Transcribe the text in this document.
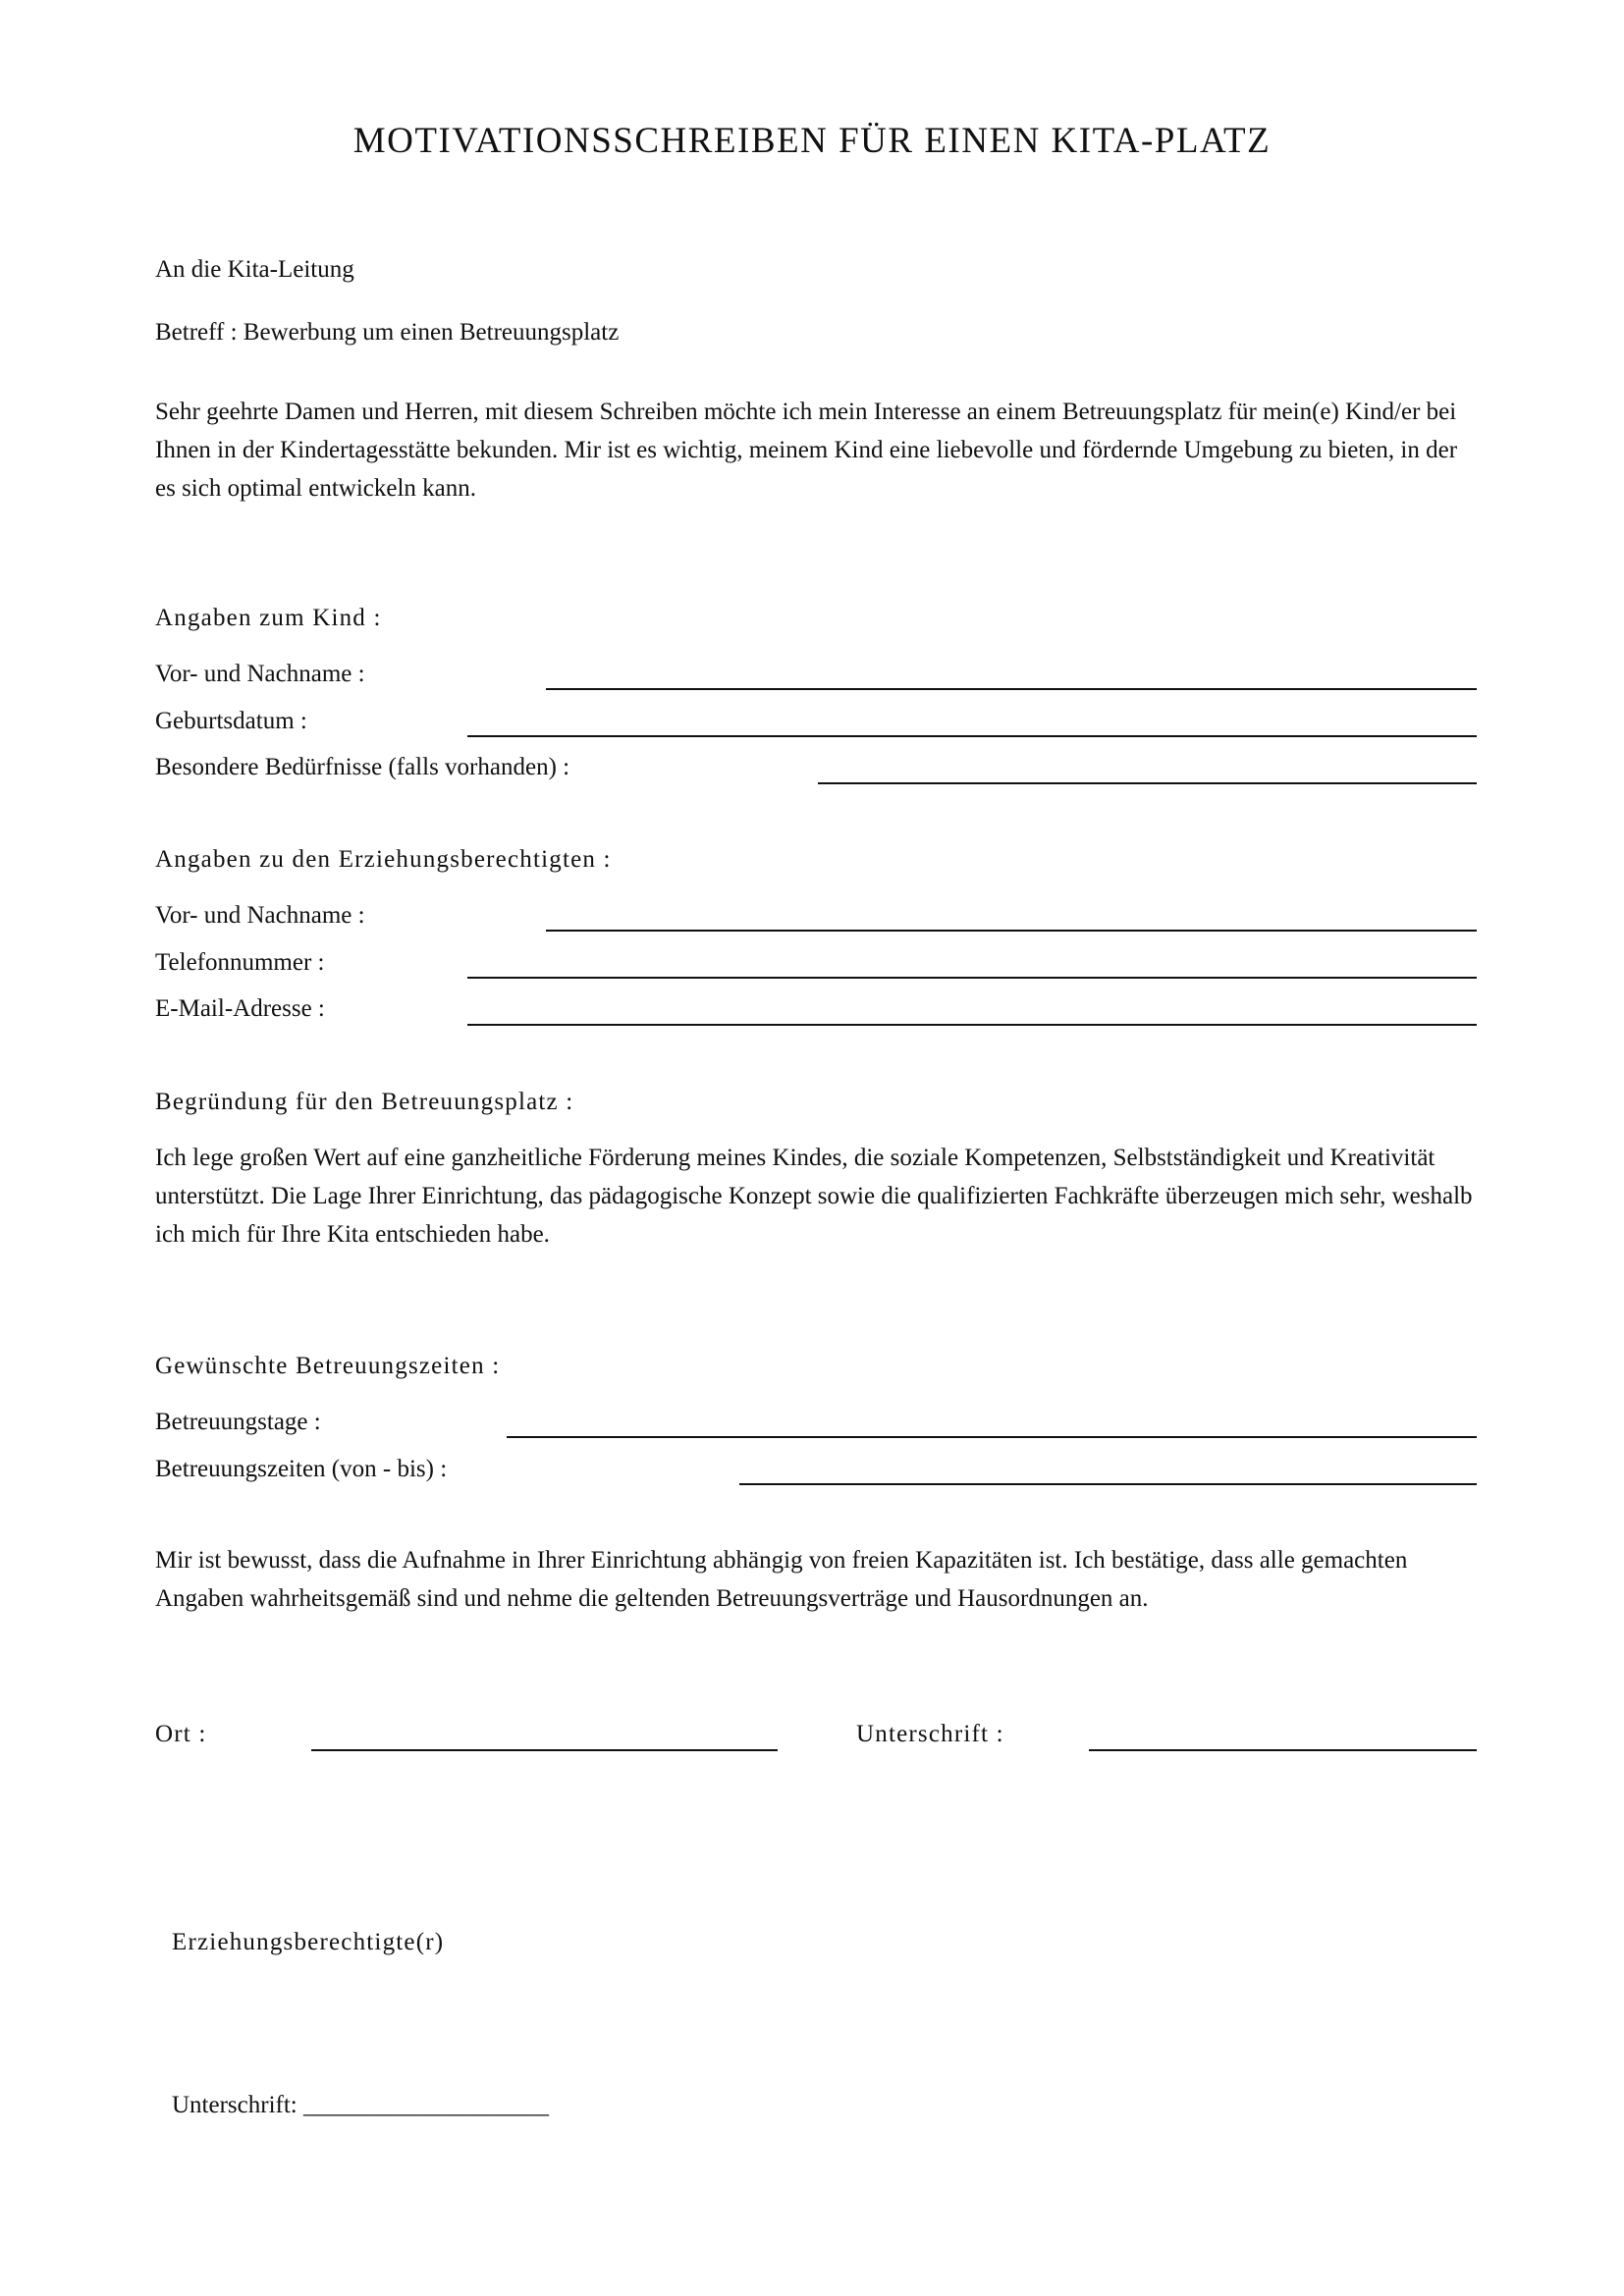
MOTIVATIONSSCHREIBEN FÜR EINEN KITA-PLATZ
An die Kita-Leitung
Betreff : Bewerbung um einen Betreuungsplatz
Sehr geehrte Damen und Herren, mit diesem Schreiben möchte ich mein Interesse an einem Betreuungsplatz für mein(e) Kind/er bei Ihnen in der Kindertagesstätte bekunden. Mir ist es wichtig, meinem Kind eine liebevolle und fördernde Umgebung zu bieten, in der es sich optimal entwickeln kann.
Angaben zum Kind :
Vor- und Nachname :
Geburtsdatum :
Besondere Bedürfnisse (falls vorhanden) :
Angaben zu den Erziehungsberechtigten :
Vor- und Nachname :
Telefonnummer :
E-Mail-Adresse :
Begründung für den Betreuungsplatz :
Ich lege großen Wert auf eine ganzheitliche Förderung meines Kindes, die soziale Kompetenzen, Selbstständigkeit und Kreativität unterstützt. Die Lage Ihrer Einrichtung, das pädagogische Konzept sowie die qualifizierten Fachkräfte überzeugen mich sehr, weshalb ich mich für Ihre Kita entschieden habe.
Gewünschte Betreuungszeiten :
Betreuungstage :
Betreuungszeiten (von - bis) :
Mir ist bewusst, dass die Aufnahme in Ihrer Einrichtung abhängig von freien Kapazitäten ist. Ich bestätige, dass alle gemachten Angaben wahrheitsgemäß sind und nehme die geltenden Betreuungsverträge und Hausordnungen an.
Ort :	Unterschrift :
Erziehungsberechtigte(r)
Unterschrift: ____________________
